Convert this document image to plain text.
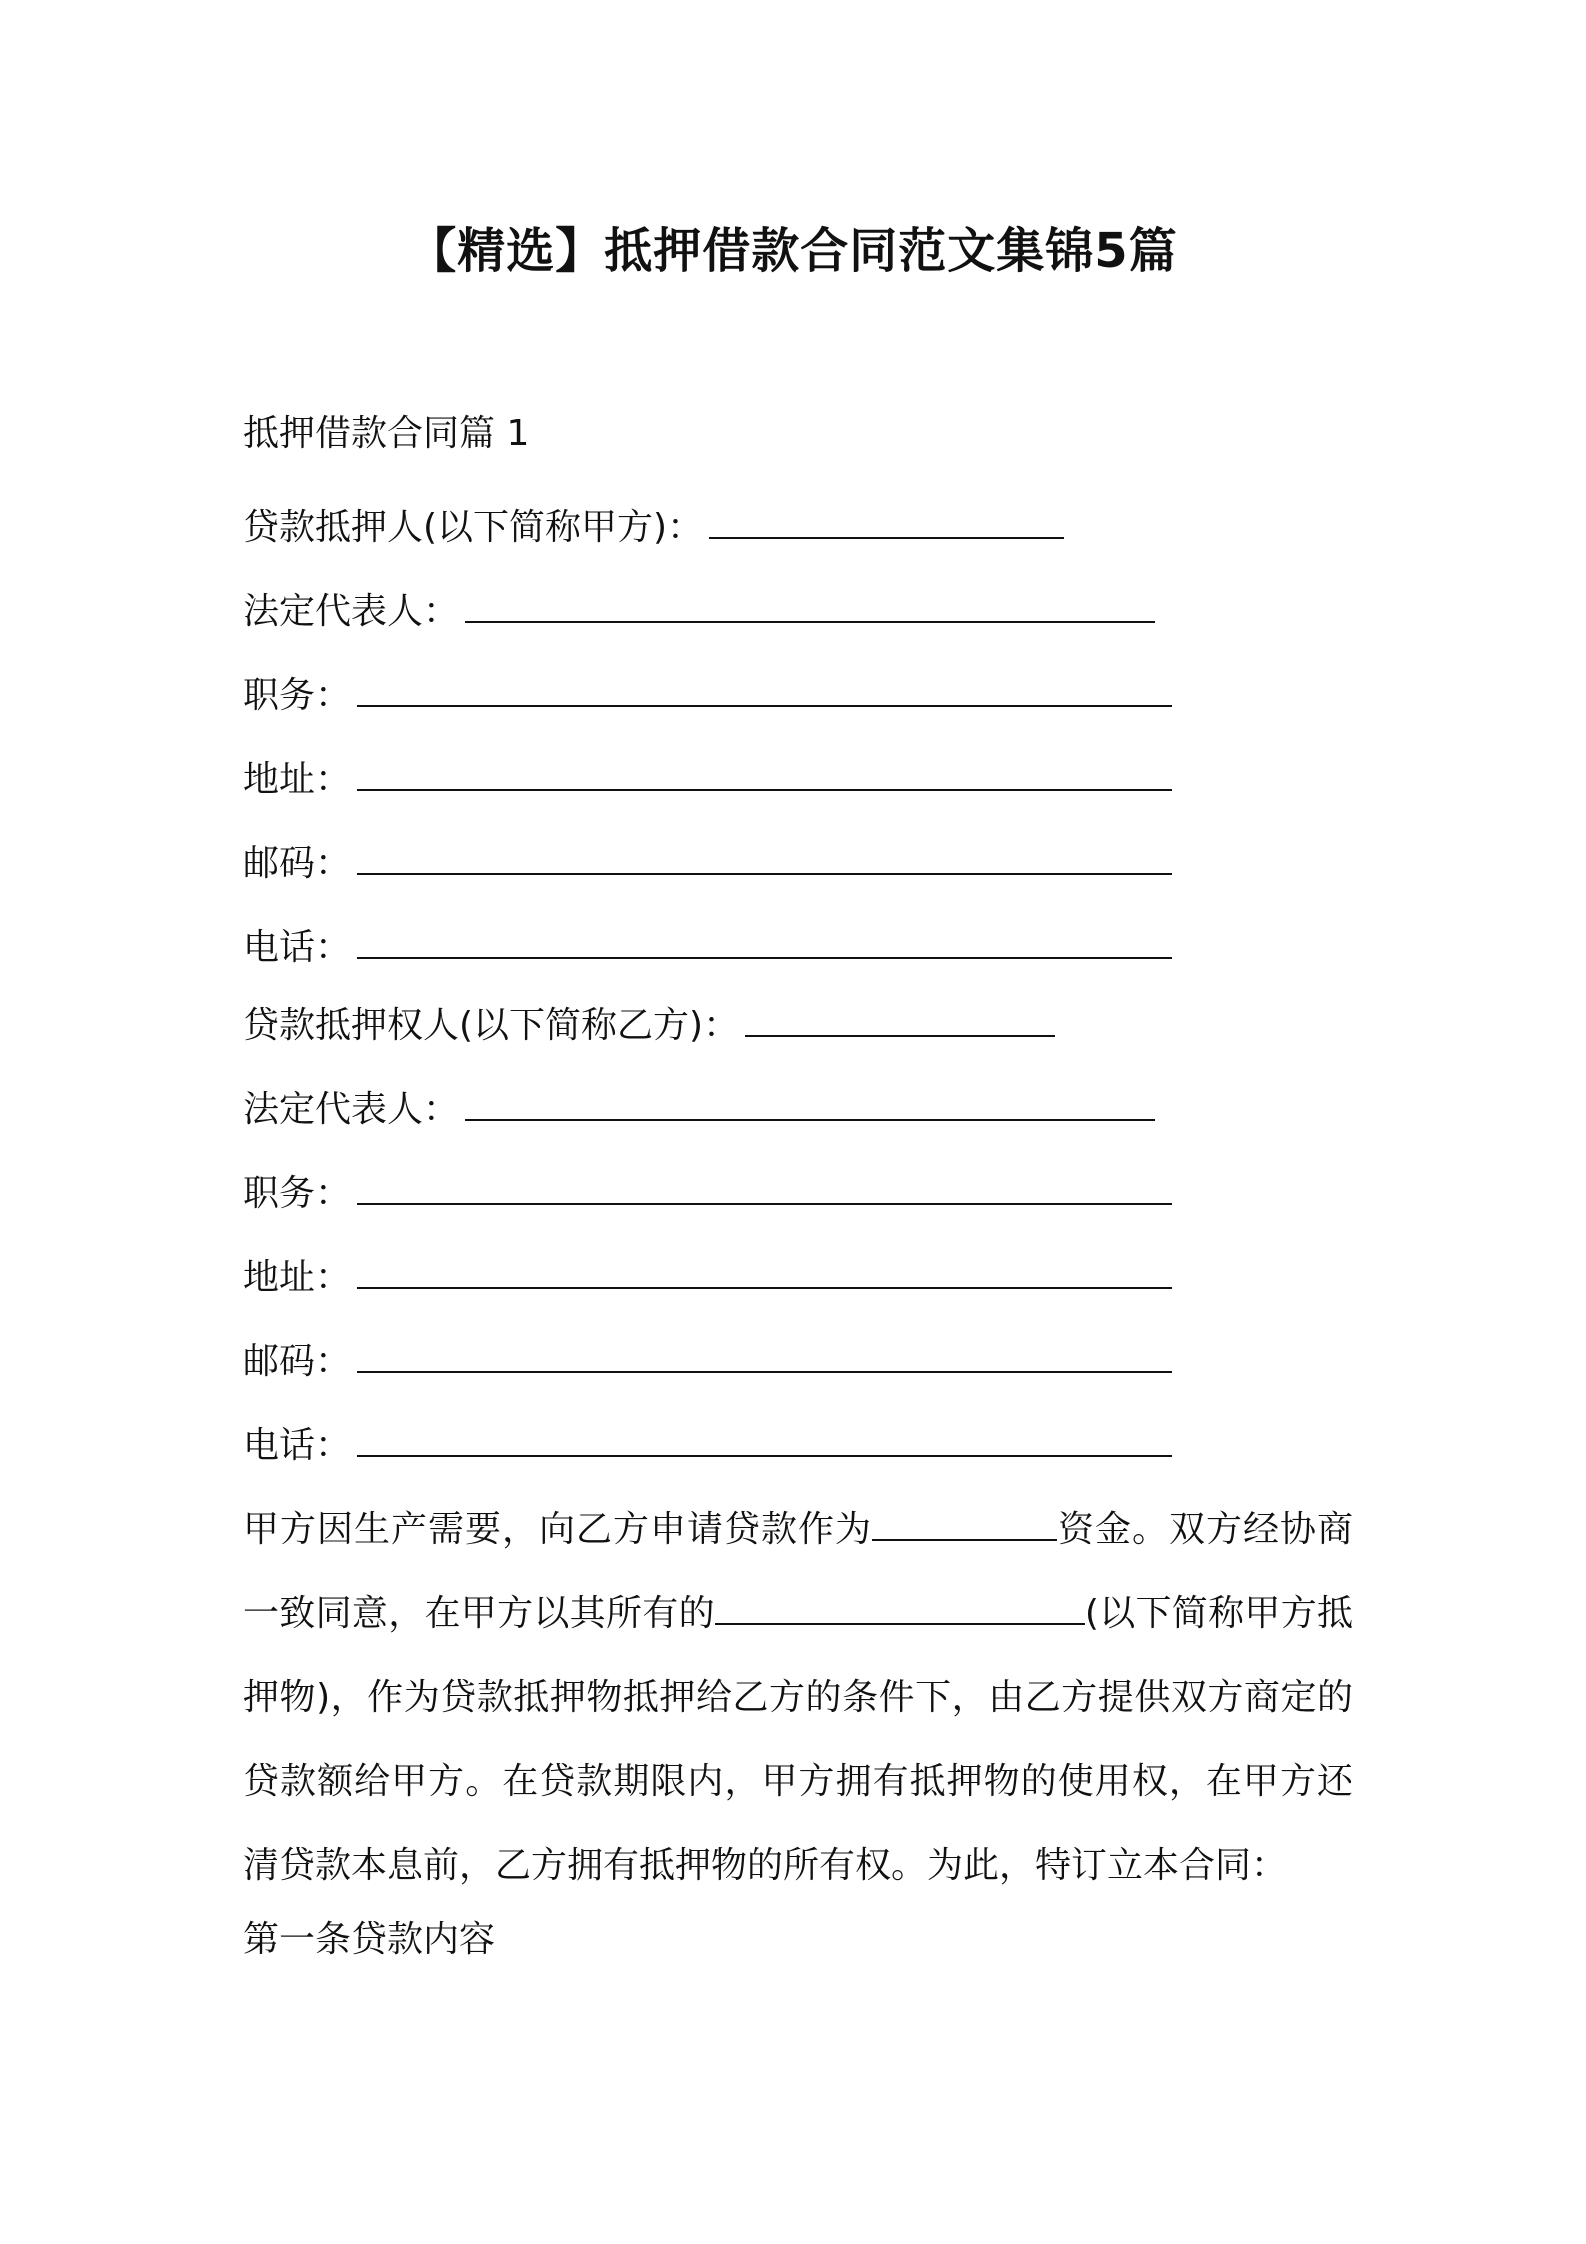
【精选】抵押借款合同范文集锦5篇
抵押借款合同篇 1
贷款抵押人(以下简称甲方)：
法定代表人：
职务：
地址：
邮码：
电话：
贷款抵押权人(以下简称乙方)：
法定代表人：
职务：
地址：
邮码：
电话：
甲方因生产需要，向乙方申请贷款作为	资金。双方经协商一致同意，在甲方以其所有的	(以下简称甲方抵押物)，作为贷款抵押物抵押给乙方的条件下，由乙方提供双方商定的贷款额给甲方。在贷款期限内，甲方拥有抵押物的使用权，在甲方还清贷款本息前，乙方拥有抵押物的所有权。为此，特订立本合同：
第一条贷款内容
